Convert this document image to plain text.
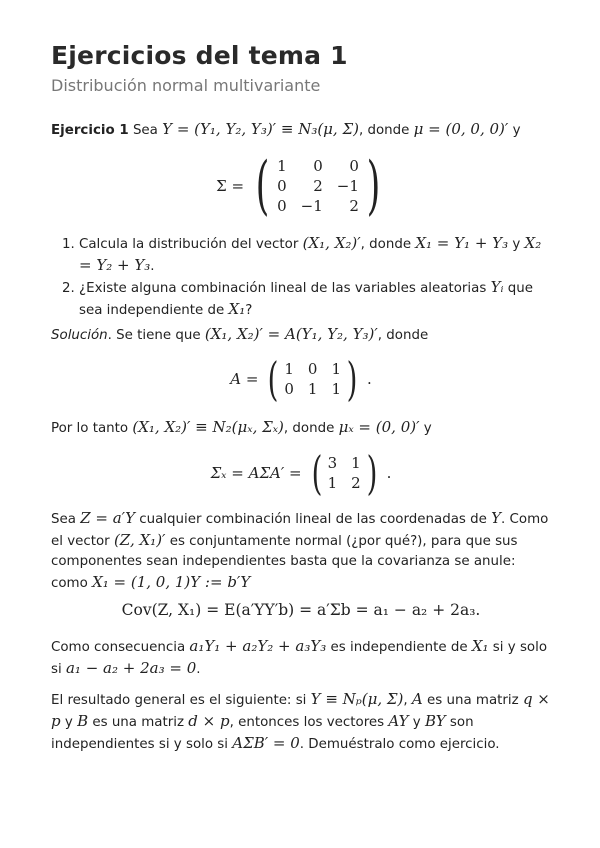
Ejercicios del tema 1
Distribución normal multivariante
Ejercicio 1 Sea Y = (Y₁, Y₂, Y₃)′ ≡ N₃(μ, Σ), donde μ = (0, 0, 0)′ y
Σ = ( 1	0	0
0	2 −1
0 −1	2 )
1. Calcula la distribución del vector (X₁, X₂)′, donde X₁ = Y₁ + Y₃ y X₂ = Y₂ + Y₃.
2. ¿Existe alguna combinación lineal de las variables aleatorias Yᵢ que sea independiente de X₁?
Solución. Se tiene que (X₁, X₂)′ = A(Y₁, Y₂, Y₃)′, donde
A = ( 1 0 1
0 1 1 ) .
Por lo tanto (X₁, X₂)′ ≡ N₂(μₓ, Σₓ), donde μₓ = (0, 0)′ y
Σₓ = AΣA′ = ( 3 1
1 2 ) .
Sea Z = a′Y cualquier combinación lineal de las coordenadas de Y. Como el vector (Z, X₁)′ es conjuntamente normal (¿por qué?), para que sus componentes sean independientes basta que la covarianza se anule: como X₁ = (1, 0, 1)Y := b′Y
Cov(Z, X₁) = E(a′YY′b) = a′Σb = a₁ − a₂ + 2a₃.
Como consecuencia a₁Y₁ + a₂Y₂ + a₃Y₃ es independiente de X₁ si y solo si a₁ − a₂ + 2a₃ = 0.
El resultado general es el siguiente: si Y ≡ Nₚ(μ, Σ), A es una matriz q × p y B es una matriz d × p, entonces los vectores AY y BY son independientes si y solo si AΣB′ = 0. Demuéstralo como ejercicio.
